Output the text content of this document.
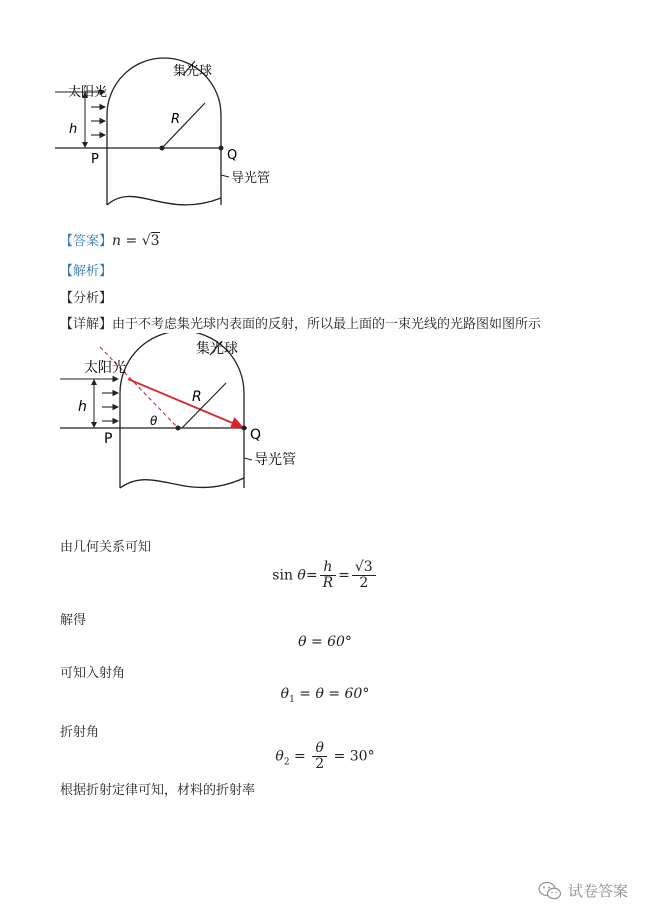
太阳光
集光球
h
R
P	Q
导光管
【答案】n = √3
【解析】
【分析】
【详解】由于不考虑集光球内表面的反射，所以最上面的一束光线的光路图如图所示
太阳光
集光球
h
R
θ
P	Q
导光管
由几何关系可知
$\sin \theta= \frac{h}{R} = \frac{√3}{2}$
解得
θ = 60°
可知入射角
$\theta_1 = \theta = 60^\circ$
折射角
$\theta_2 = \frac{\theta}{2} = 30^\circ$
根据折射定律可知，材料的折射率
试卷答案
